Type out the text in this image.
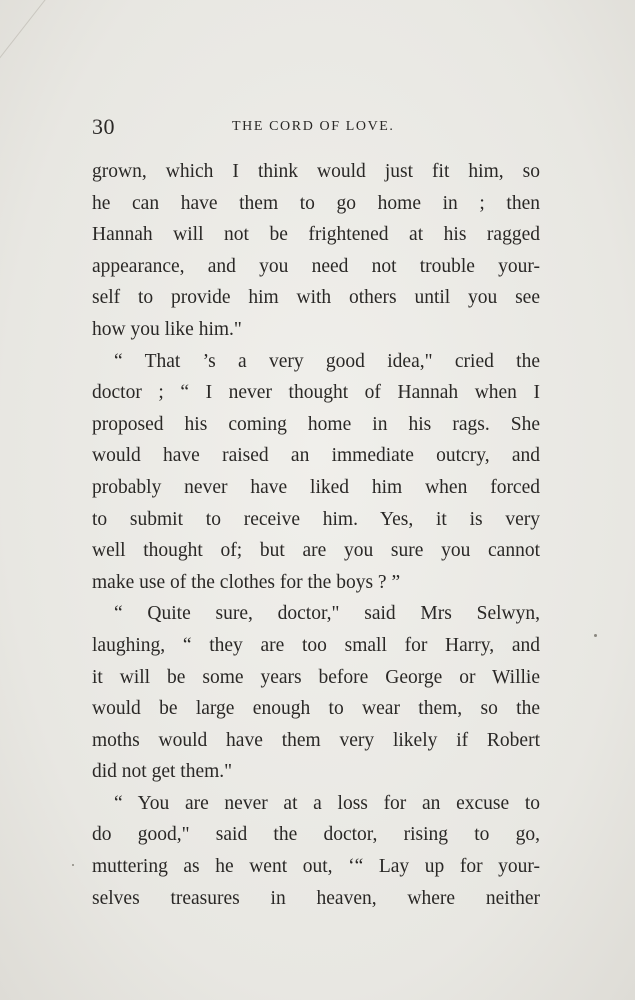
30	THE CORD OF LOVE.
grown, which I think would just fit him, so
he can have them to go home in ; then
Hannah will not be frightened at his ragged
appearance, and you need not trouble your-
self to provide him with others until you see
how you like him."
“ That ’s a very good idea," cried the
doctor ; “ I never thought of Hannah when I
proposed his coming home in his rags. She
would have raised an immediate outcry, and
probably never have liked him when forced
to submit to receive him. Yes, it is very
well thought of; but are you sure you cannot
make use of the clothes for the boys ? ”
“ Quite sure, doctor," said Mrs Selwyn,
laughing, “ they are too small for Harry, and
it will be some years before George or Willie
would be large enough to wear them, so the
moths would have them very likely if Robert
did not get them."
“ You are never at a loss for an excuse to
do good," said the doctor, rising to go,
muttering as he went out, ‘“ Lay up for your-
selves treasures in heaven, where neither
